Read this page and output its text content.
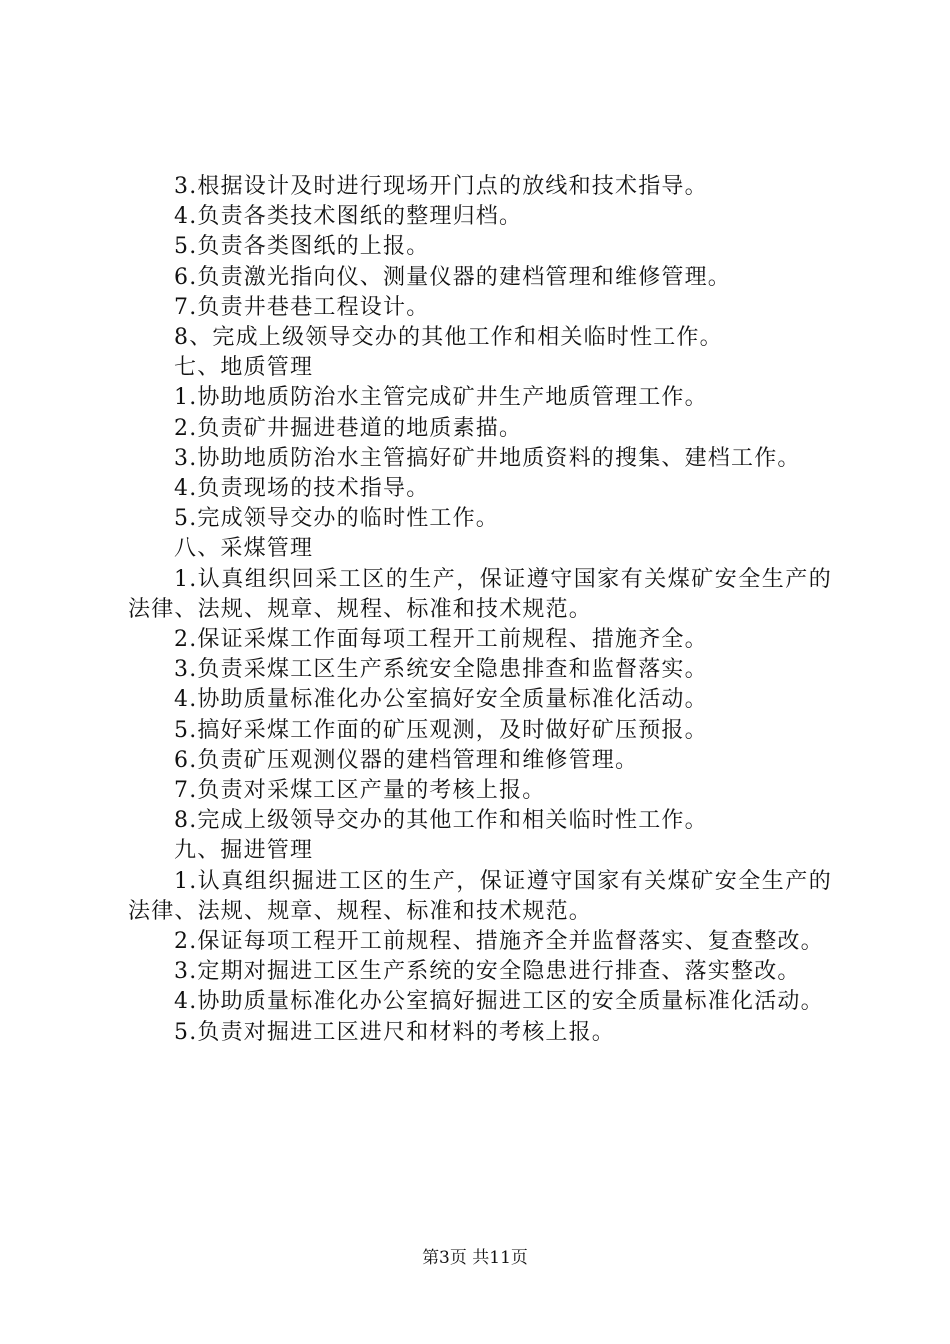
3.根据设计及时进行现场开门点的放线和技术指导。

4.负责各类技术图纸的整理归档。

5.负责各类图纸的上报。

6.负责激光指向仪、测量仪器的建档管理和维修管理。

7.负责井巷巷工程设计。

8、完成上级领导交办的其他工作和相关临时性工作。

七、地质管理

1.协助地质防治水主管完成矿井生产地质管理工作。

2.负责矿井掘进巷道的地质素描。

3.协助地质防治水主管搞好矿井地质资料的搜集、建档工作。

4.负责现场的技术指导。

5.完成领导交办的临时性工作。

八、采煤管理

1.认真组织回采工区的生产，保证遵守国家有关煤矿安全生产的法律、法规、规章、规程、标准和技术规范。

2.保证采煤工作面每项工程开工前规程、措施齐全。

3.负责采煤工区生产系统安全隐患排查和监督落实。

4.协助质量标准化办公室搞好安全质量标准化活动。

5.搞好采煤工作面的矿压观测，及时做好矿压预报。

6.负责矿压观测仪器的建档管理和维修管理。

7.负责对采煤工区产量的考核上报。

8.完成上级领导交办的其他工作和相关临时性工作。

九、掘进管理

1.认真组织掘进工区的生产，保证遵守国家有关煤矿安全生产的法律、法规、规章、规程、标准和技术规范。

2.保证每项工程开工前规程、措施齐全并监督落实、复查整改。

3.定期对掘进工区生产系统的安全隐患进行排查、落实整改。

4.协助质量标准化办公室搞好掘进工区的安全质量标准化活动。

5.负责对掘进工区进尺和材料的考核上报。

第3页 共11页
